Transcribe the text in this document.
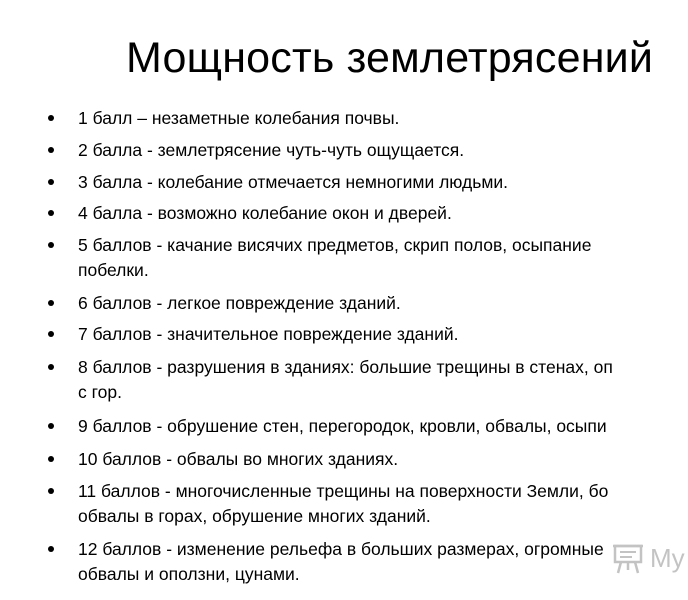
Мощность землетрясений
1 балл – незаметные колебания почвы.
2 балла - землетрясение чуть-чуть ощущается.
3 балла - колебание отмечается немногими людьми.
4 балла - возможно колебание окон и дверей.
5 баллов - качание висячих предметов, скрип полов, осыпание
побелки.
6 баллов - легкое повреждение зданий.
7 баллов - значительное повреждение зданий.
8 баллов - разрушения в зданиях: большие трещины в стенах, оп
с гор.
9 баллов - обрушение стен, перегородок, кровли, обвалы, осыпи
10 баллов - обвалы во многих зданиях.
11 баллов - многочисленные трещины на поверхности Земли, бо
обвалы в горах, обрушение многих зданий.
12 баллов - изменение рельефа в больших размерах, огромные
обвалы и оползни, цунами.
My
